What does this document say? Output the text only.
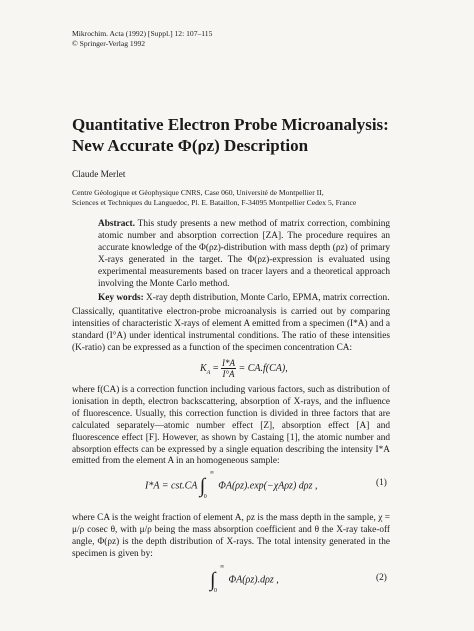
Mikrochim. Acta (1992) [Suppl.] 12: 107–115
© Springer-Verlag 1992
Quantitative Electron Probe Microanalysis:
New Accurate Φ(ρz) Description
Claude Merlet
Centre Géologique et Géophysique CNRS, Case 060, Université de Montpellier II,
Sciences et Techniques du Languedoc, Pl. E. Bataillon, F-34095 Montpellier Cedex 5, France

Abstract. This study presents a new method of matrix correction, combining atomic number and absorption correction [ZA]. The procedure requires an accurate knowledge of the Φ(ρz)-distribution with mass depth (ρz) of primary X-rays generated in the target. The Φ(ρz)-expression is evaluated using experimental measurements based on tracer layers and a theoretical approach involving the Monte Carlo method.

Key words: X-ray depth distribution, Monte Carlo, EPMA, matrix correction.

Classically, quantitative electron-probe microanalysis is carried out by comparing intensities of characteristic X-rays of element A emitted from a specimen (I*A) and a standard (I°A) under identical instrumental conditions. The ratio of these intensities (K-ratio) can be expressed as a function of the specimen concentration CA:

$K_A = \frac{I*A}{I^\circ A} = CA.f(CA)$,

where f(CA) is a correction function including various factors, such as distribution of ionisation in depth, electron backscattering, absorption of X-rays, and the influence of fluorescence. Usually, this correction function is divided in three factors that are calculated separately—atomic number effect [Z], absorption effect [A] and fluorescence effect [F]. However, as shown by Castaing [1], the atomic number and absorption effects can be expressed by a single equation describing the intensity I*A emitted from the element A in an homogeneous sample:

I*A = cst.CA ∫
∞
0
ΦA(ρz).exp(−χAρz) dρz ,	(1)

where CA is the weight fraction of element A, ρz is the mass depth in the sample, χ = μ/ρ cosec θ, with μ/ρ being the mass absorption coefficient and θ the X-ray take-off angle, Φ(ρz) is the depth distribution of X-rays. The total intensity generated in the specimen is given by:

∫
∞
0
ΦA(ρz).dρz ,	(2)
